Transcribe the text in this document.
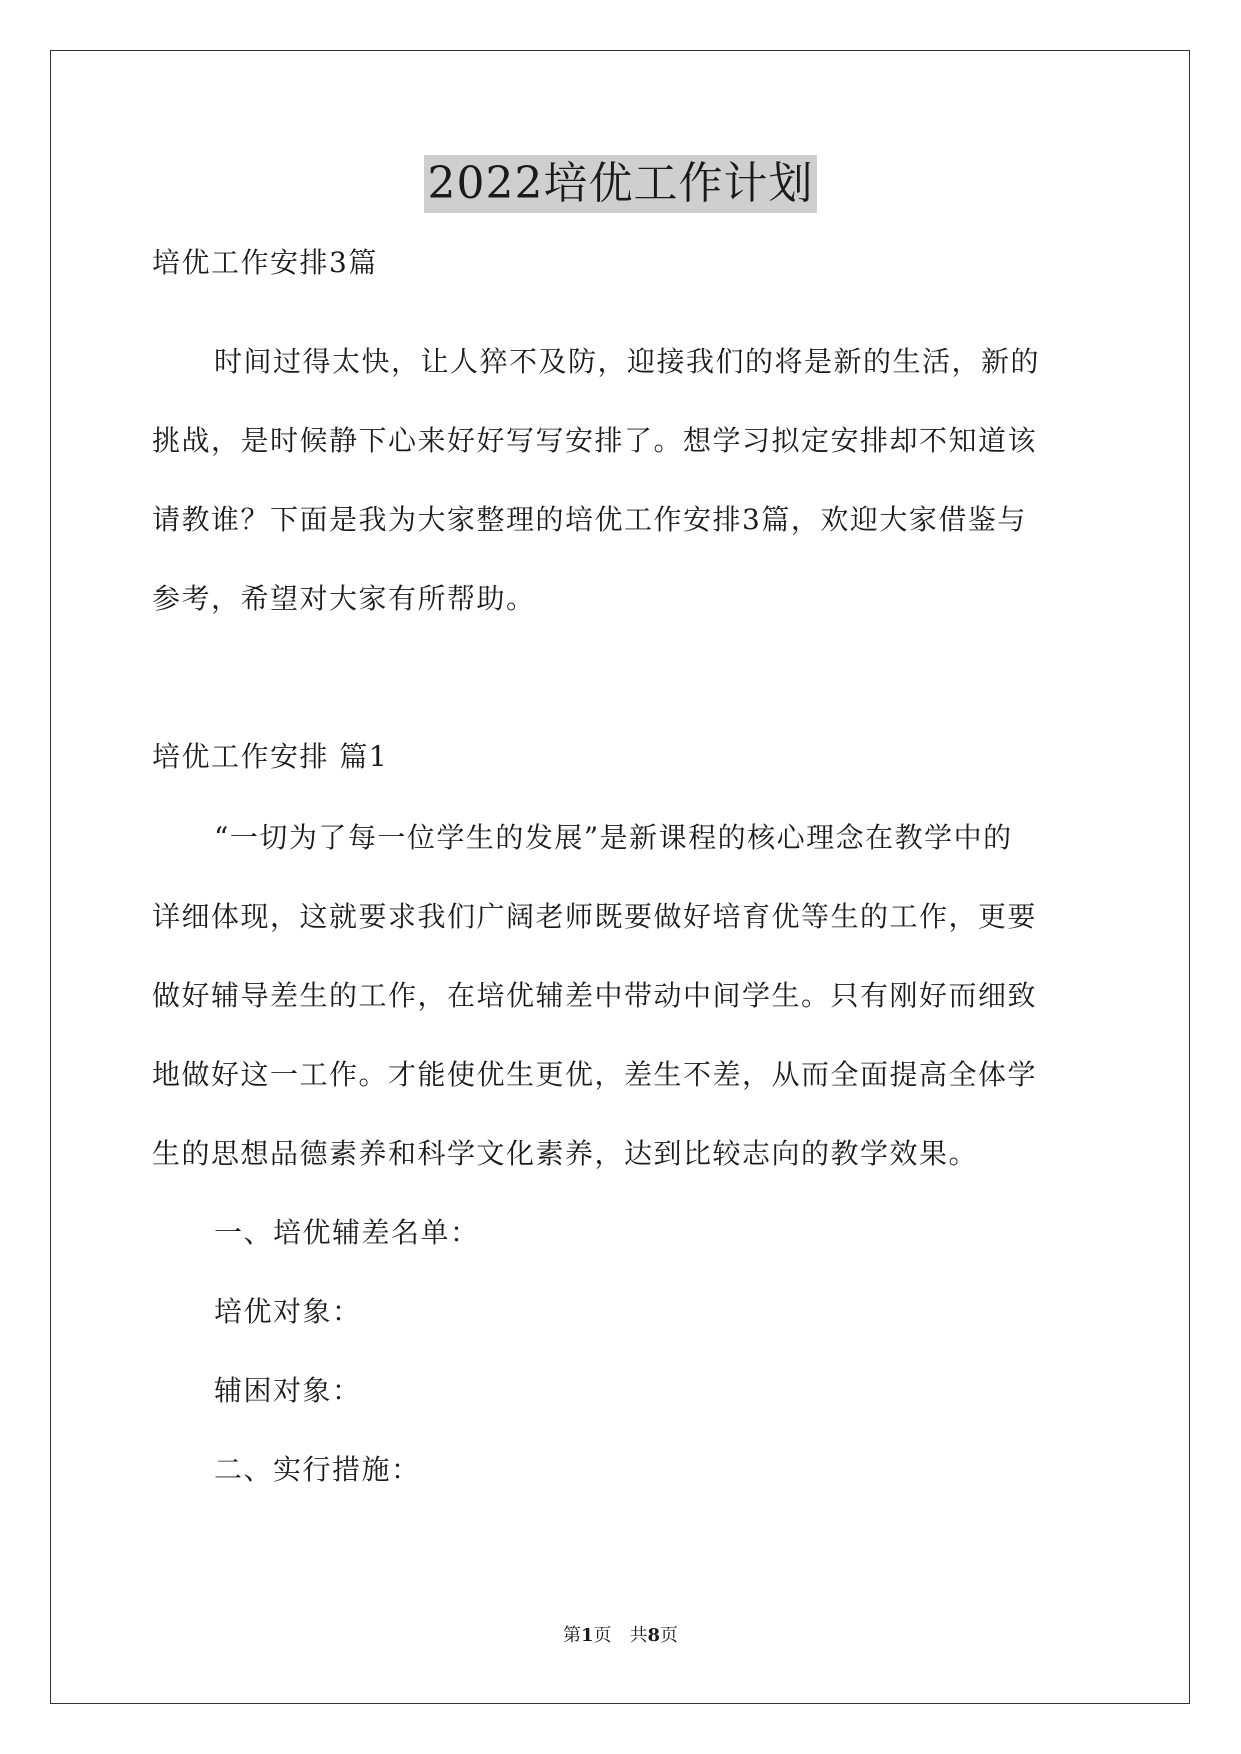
2022培优工作计划
培优工作安排3篇
时间过得太快，让人猝不及防，迎接我们的将是新的生活，新的
挑战，是时候静下心来好好写写安排了。想学习拟定安排却不知道该
请教谁？下面是我为大家整理的培优工作安排3篇，欢迎大家借鉴与
参考，希望对大家有所帮助。
培优工作安排 篇1
“一切为了每一位学生的发展”是新课程的核心理念在教学中的
详细体现，这就要求我们广阔老师既要做好培育优等生的工作，更要
做好辅导差生的工作，在培优辅差中带动中间学生。只有刚好而细致
地做好这一工作。才能使优生更优，差生不差，从而全面提高全体学
生的思想品德素养和科学文化素养，达到比较志向的教学效果。
一、培优辅差名单：
培优对象：
辅困对象：
二、实行措施：
第1页　共8页
